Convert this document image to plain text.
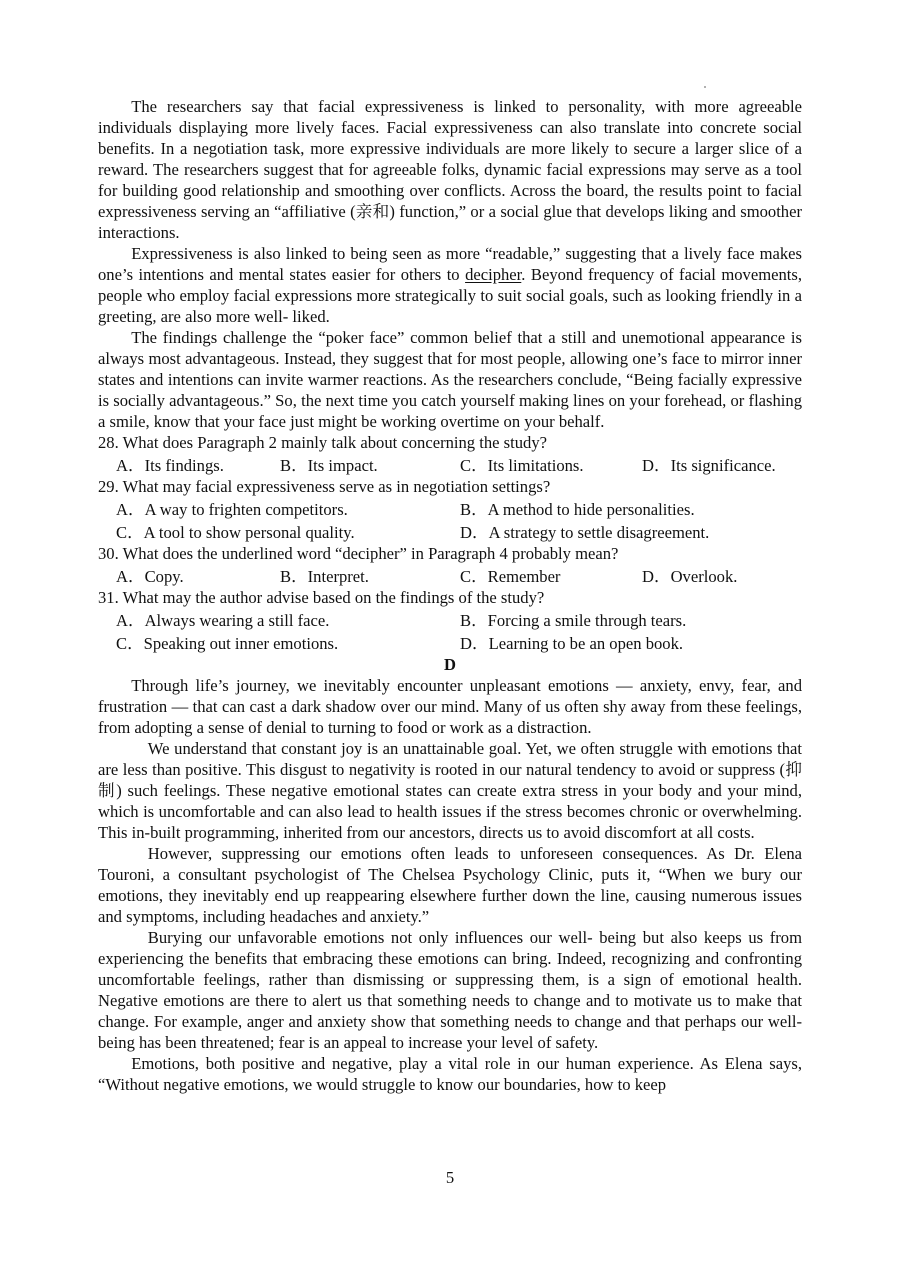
The researchers say that facial expressiveness is linked to personality, with more agreeable individuals displaying more lively faces. Facial expressiveness can also translate into concrete social benefits. In a negotiation task, more expressive individuals are more likely to secure a larger slice of a reward. The researchers suggest that for agreeable folks, dynamic facial expressions may serve as a tool for building good relationship and smoothing over conflicts. Across the board, the results point to facial expressiveness serving an “affiliative (亲和) function,” or a social glue that develops liking and smoother interactions.

Expressiveness is also linked to being seen as more “readable,” suggesting that a lively face makes one’s intentions and mental states easier for others to decipher. Beyond frequency of facial movements, people who employ facial expressions more strategically to suit social goals, such as looking friendly in a greeting, are also more well- liked.

The findings challenge the “poker face” common belief that a still and unemotional appearance is always most advantageous. Instead, they suggest that for most people, allowing one’s face to mirror inner states and intentions can invite warmer reactions. As the researchers conclude, “Being facially expressive is socially advantageous.” So, the next time you catch yourself making lines on your forehead, or flashing a smile, know that your face just might be working overtime on your behalf.

28. What does Paragraph 2 mainly talk about concerning the study?
A．Its findings.	B．Its impact.	C．Its limitations.	D．Its significance.
29. What may facial expressiveness serve as in negotiation settings?
A．A way to frighten competitors.	B．A method to hide personalities.
C．A tool to show personal quality.	D．A strategy to settle disagreement.
30. What does the underlined word “decipher” in Paragraph 4 probably mean?
A．Copy.	B．Interpret.	C．Remember	D．Overlook.
31. What may the author advise based on the findings of the study?
A．Always wearing a still face.	B．Forcing a smile through tears.
C．Speaking out inner emotions.	D．Learning to be an open book.
D

Through life’s journey, we inevitably encounter unpleasant emotions — anxiety, envy, fear, and frustration — that can cast a dark shadow over our mind. Many of us often shy away from these feelings, from adopting a sense of denial to turning to food or work as a distraction.

We understand that constant joy is an unattainable goal. Yet, we often struggle with emotions that are less than positive. This disgust to negativity is rooted in our natural tendency to avoid or suppress (抑制) such feelings. These negative emotional states can create extra stress in your body and your mind, which is uncomfortable and can also lead to health issues if the stress becomes chronic or overwhelming. This in-built programming, inherited from our ancestors, directs us to avoid discomfort at all costs.

However, suppressing our emotions often leads to unforeseen consequences. As Dr. Elena Touroni, a consultant psychologist of The Chelsea Psychology Clinic, puts it, “When we bury our emotions, they inevitably end up reappearing elsewhere further down the line, causing numerous issues and symptoms, including headaches and anxiety.”

Burying our unfavorable emotions not only influences our well- being but also keeps us from experiencing the benefits that embracing these emotions can bring. Indeed, recognizing and confronting uncomfortable feelings, rather than dismissing or suppressing them, is a sign of emotional health. Negative emotions are there to alert us that something needs to change and to motivate us to make that change. For example, anger and anxiety show that something needs to change and that perhaps our well- being has been threatened; fear is an appeal to increase your level of safety.

Emotions, both positive and negative, play a vital role in our human experience. As Elena says, “Without negative emotions, we would struggle to know our boundaries, how to keep

5
